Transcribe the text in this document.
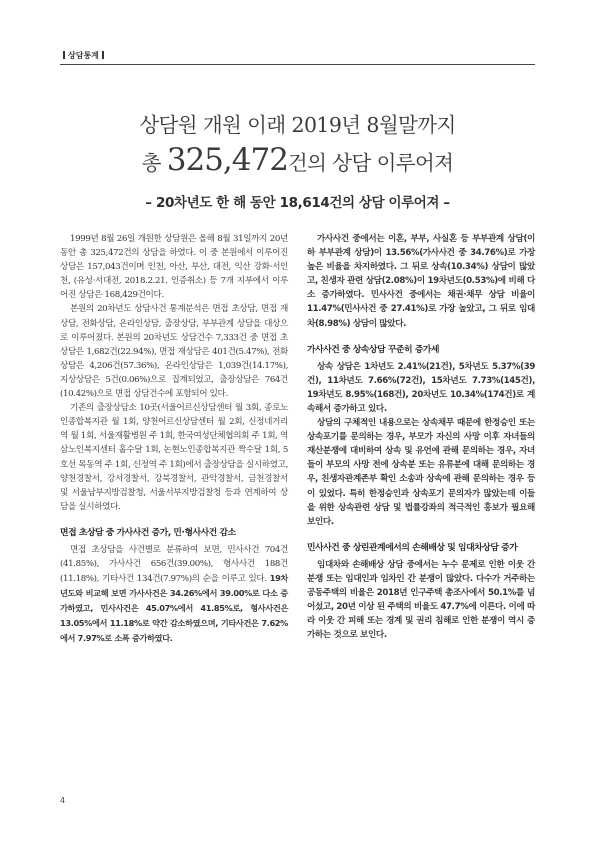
상담통계
상담원 개원 이래 2019년 8월말까지
총 325,472건의 상담 이루어져
– 20차년도 한 해 동안 18,614건의 상담 이루어져 –

1999년 8월 26일 개원한 상담원은 올해 8월 31일까지 20년 동안 총 325,472건의 상담을 하였다. 이 중 본원에서 이루어진 상담은 157,043건이며 인천, 아산, 부산, 대전, 익산 강화·서인천, (유성·서대전, 2018.2.21. 인증취소) 등 7개 지부에서 이루어진 상담은 168,429건이다.

본원의 20차년도 상담사건 통계분석은 면접 초상담, 면접 재상담, 전화상담, 온라인상담, 출장상담, 부부관계 상담을 대상으로 이루어졌다. 본원의 20차년도 상담건수 7,333건 중 면접 초상담은 1,682건(22.94%), 면접 재상담은 401건(5.47%), 전화상담은 4,206건(57.36%), 온라인상담은 1,039건(14.17%), 지상상담은 5건(0.06%)으로 집계되었고, 출장상담은 764건(10.42%)으로 면접 상담건수에 포함되어 있다.

기존의 출장상담소 10곳(서울어르신상담센터 월 3회, 종로노인종합복지관 월 1회, 양천어르신상담센터 월 2회, 신정네거리역 월 1회, 서울재활병원 주 1회, 한국여성단체협의회 주 1회, 역삼노인복지센터 홀수달 1회, 논현노인종합복지관 짝수달 1회, 5호선 목동역 주 1회, 신정역 주 1회)에서 출장상담을 실시하였고, 양천경찰서, 강서경찰서, 강북경찰서, 관악경찰서, 금천경찰서 및 서울남부지방검찰청, 서울서부지방검찰청 등과 연계하여 상담을 실시하였다.

면접 초상담 중 가사사건 증가, 민·형사사건 감소

면접 초상담을 사건별로 분류하여 보면, 민사사건 704건(41.85%), 가사사건 656건(39.00%), 형사사건 188건(11.18%), 기타사건 134건(7.97%)의 순을 이루고 있다. 19차년도와 비교해 보면 가사사건은 34.26%에서 39.00%로 다소 증가하였고, 민사사건은 45.07%에서 41.85%로, 형사사건은 13.05%에서 11.18%로 약간 감소하였으며, 기타사건은 7.62%에서 7.97%로 소폭 증가하였다.

가사사건 중에서는 이혼, 부부, 사실혼 등 부부관계 상담(이하 부부관계 상담)이 13.56%(가사사건 중 34.76%)로 가장 높은 비율을 차지하였다. 그 뒤로 상속(10.34%) 상담이 많았고, 친생자 관련 상담(2.08%)이 19차년도(0.53%)에 비해 다소 증가하였다. 민사사건 중에서는 채권·채무 상담 비율이 11.47%(민사사건 중 27.41%)로 가장 높았고, 그 뒤로 임대차(8.98%) 상담이 많았다.

가사사건 중 상속상담 꾸준히 증가세

상속 상담은 1차년도 2.41%(21건), 5차년도 5.37%(39건), 11차년도 7.66%(72건), 15차년도 7.73%(145건), 19차년도 8.95%(168건), 20차년도 10.34%(174건)로 계속해서 증가하고 있다.

상담의 구체적인 내용으로는 상속채무 때문에 한정승인 또는 상속포기를 문의하는 경우, 부모가 자신의 사망 이후 자녀들의 재산분쟁에 대비하여 상속 및 유언에 관해 문의하는 경우, 자녀들이 부모의 사망 전에 상속분 또는 유류분에 대해 문의하는 경우, 친생자관계존부 확인 소송과 상속에 관해 문의하는 경우 등이 있었다. 특히 한정승인과 상속포기 문의자가 많았는데 이들을 위한 상속관련 상담 및 법률강좌의 적극적인 홍보가 필요해 보인다.

민사사건 중 상린관계에서의 손해배상 및 임대차상담 증가

임대차와 손해배상 상담 중에서는 누수 문제로 인한 이웃 간 분쟁 또는 임대인과 임차인 간 분쟁이 많았다. 다수가 거주하는 공동주택의 비율은 2018년 인구주택 총조사에서 50.1%를 넘어섰고, 20년 이상 된 주택의 비율도 47.7%에 이른다. 이에 따라 이웃 간 피해 또는 경계 및 권리 침해로 인한 분쟁이 역시 증가하는 것으로 보인다.

4
